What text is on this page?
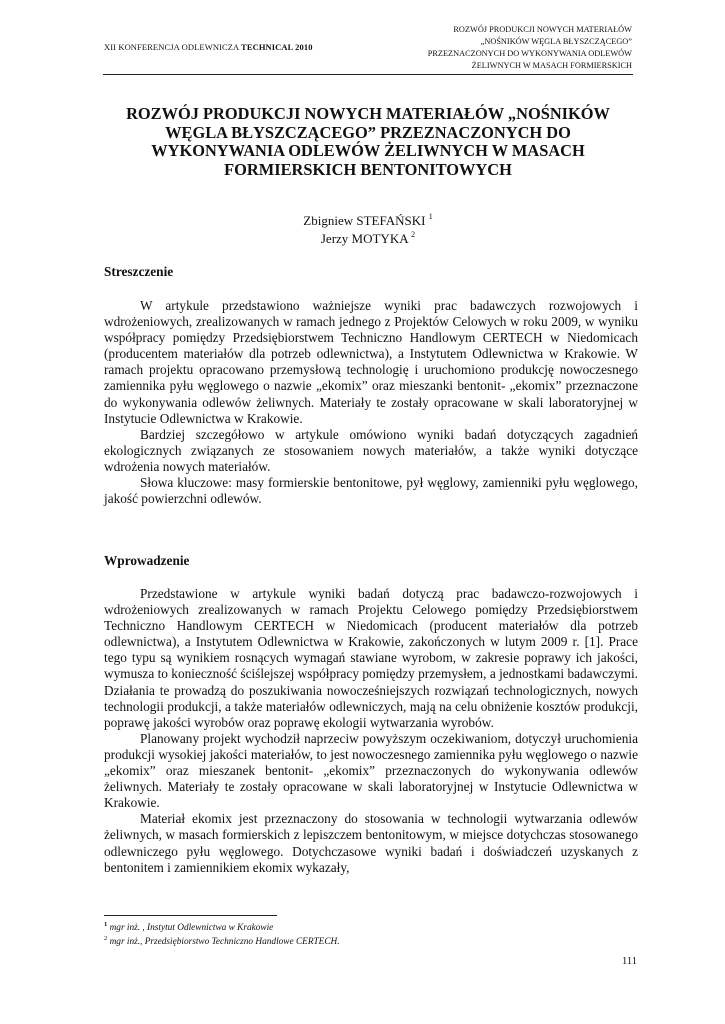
XII KONFERENCJA ODLEWNICZA TECHNICAL 2010
ROZWÓJ PRODUKCJI NOWYCH MATERIAŁÓW
„NOŚNIKÓW WĘGLA BŁYSZCZĄCEGO”
PRZEZNACZONYCH DO WYKONYWANIA ODLEWÓW
ŻELIWNYCH W MASACH FORMIERSKICH
ROZWÓJ PRODUKCJI NOWYCH MATERIAŁÓW „NOŚNIKÓW
WĘGLA BŁYSZCZĄCEGO” PRZEZNACZONYCH DO
WYKONYWANIA ODLEWÓW ŻELIWNYCH W MASACH
FORMIERSKICH BENTONITOWYCH
Zbigniew STEFAŃSKI $^1$
Jerzy MOTYKA $^2$
Streszczenie

W artykule przedstawiono ważniejsze wyniki prac badawczych rozwojowych i wdrożeniowych, zrealizowanych w ramach jednego z Projektów Celowych w roku 2009, w wyniku współpracy pomiędzy Przedsiębiorstwem Techniczno Handlowym CERTECH w Niedomicach (producentem materiałów dla potrzeb odlewnictwa), a Instytutem Odlewnictwa w Krakowie. W ramach projektu opracowano przemysłową technologię i uruchomiono produkcję nowoczesnego zamiennika pyłu węglowego o nazwie „ekomix” oraz mieszanki bentonit- „ekomix” przeznaczone do wykonywania odlewów żeliwnych. Materiały te zostały opracowane w skali laboratoryjnej w Instytucie Odlewnictwa w Krakowie.

Bardziej szczegółowo w artykule omówiono wyniki badań dotyczących zagadnień ekologicznych związanych ze stosowaniem nowych materiałów, a także wyniki dotyczące wdrożenia nowych materiałów.

Słowa kluczowe: masy formierskie bentonitowe, pył węglowy, zamienniki pyłu węglowego, jakość powierzchni odlewów.

Wprowadzenie

Przedstawione w artykule wyniki badań dotyczą prac badawczo-rozwojowych i wdrożeniowych zrealizowanych w ramach Projektu Celowego pomiędzy Przedsiębiorstwem Techniczno Handlowym CERTECH w Niedomicach (producent materiałów dla potrzeb odlewnictwa), a Instytutem Odlewnictwa w Krakowie, zakończonych w lutym 2009 r. [1]. Prace tego typu są wynikiem rosnących wymagań stawiane wyrobom, w zakresie poprawy ich jakości, wymusza to konieczność ściślejszej współpracy pomiędzy przemysłem, a jednostkami badawczymi. Działania te prowadzą do poszukiwania nowocześniejszych rozwiązań technologicznych, nowych technologii produkcji, a także materiałów odlewniczych, mają na celu obniżenie kosztów produkcji, poprawę jakości wyrobów oraz poprawę ekologii wytwarzania wyrobów.

Planowany projekt wychodził naprzeciw powyższym oczekiwaniom, dotyczył uruchomienia produkcji wysokiej jakości materiałów, to jest nowoczesnego zamiennika pyłu węglowego o nazwie „ekomix” oraz mieszanek bentonit- „ekomix” przeznaczonych do wykonywania odlewów żeliwnych. Materiały te zostały opracowane w skali laboratoryjnej w Instytucie Odlewnictwa w Krakowie.

Materiał ekomix jest przeznaczony do stosowania w technologii wytwarzania odlewów żeliwnych, w masach formierskich z lepiszczem bentonitowym, w miejsce dotychczas stosowanego odlewniczego pyłu węglowego. Dotychczasowe wyniki badań i doświadczeń uzyskanych z bentonitem i zamiennikiem ekomix wykazały,

$^1$ mgr inż. , Instytut Odlewnictwa w Krakowie
$^2$ mgr inż., Przedsiębiorstwo Techniczno Handlowe CERTECH.
111
